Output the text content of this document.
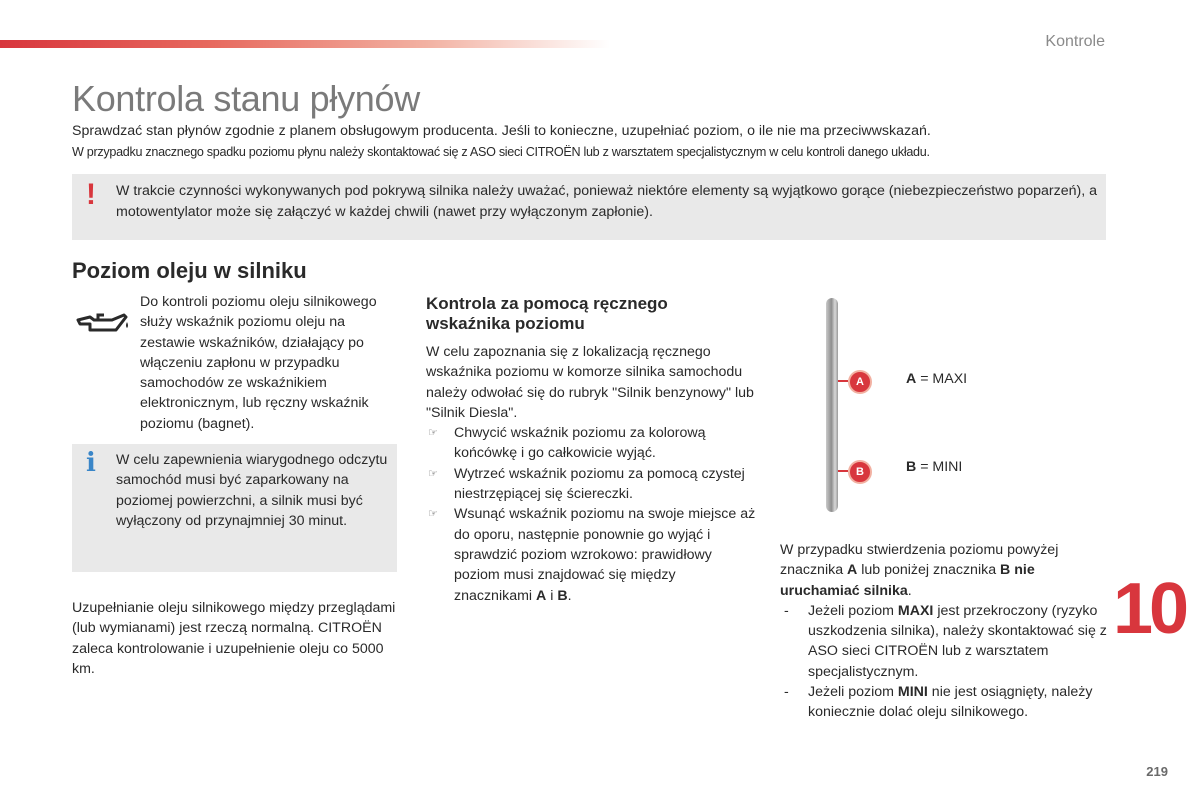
Kontrole
Kontrola stanu płynów
Sprawdzać stan płynów zgodnie z planem obsługowym producenta. Jeśli to konieczne, uzupełniać poziom, o ile nie ma przeciwwskazań.
W przypadku znacznego spadku poziomu płynu należy skontaktować się z ASO sieci CITROËN lub z warsztatem specjalistycznym w celu kontroli danego układu.
! W trakcie czynności wykonywanych pod pokrywą silnika należy uważać, ponieważ niektóre elementy są wyjątkowo gorące (niebezpieczeństwo poparzeń), a motowentylator może się załączyć w każdej chwili (nawet przy wyłączonym zapłonie).
Poziom oleju w silniku
Do kontroli poziomu oleju silnikowego służy wskaźnik poziomu oleju na zestawie wskaźników, działający po włączeniu zapłonu w przypadku samochodów ze wskaźnikiem elektronicznym, lub ręczny wskaźnik poziomu (bagnet).
i W celu zapewnienia wiarygodnego odczytu samochód musi być zaparkowany na poziomej powierzchni, a silnik musi być wyłączony od przynajmniej 30 minut.
Uzupełnianie oleju silnikowego między przeglądami (lub wymianami) jest rzeczą normalną. CITROËN zaleca kontrolowanie i uzupełnienie oleju co 5000 km.
Kontrola za pomocą ręcznego wskaźnika poziomu
W celu zapoznania się z lokalizacją ręcznego wskaźnika poziomu w komorze silnika samochodu należy odwołać się do rubryk "Silnik benzynowy" lub "Silnik Diesla".
☞ Chwycić wskaźnik poziomu za kolorową końcówkę i go całkowicie wyjąć.
☞ Wytrzeć wskaźnik poziomu za pomocą czystej niestrzępiącej się ściereczki.
☞ Wsunąć wskaźnik poziomu na swoje miejsce aż do oporu, następnie ponownie go wyjąć i sprawdzić poziom wzrokowo: prawidłowy poziom musi znajdować się między znacznikami A i B.
A
B
A = MAXI
B = MINI
W przypadku stwierdzenia poziomu powyżej znacznika A lub poniżej znacznika B nie uruchamiać silnika.
- Jeżeli poziom MAXI jest przekroczony (ryzyko uszkodzenia silnika), należy skontaktować się z ASO sieci CITROËN lub z warsztatem specjalistycznym.
- Jeżeli poziom MINI nie jest osiągnięty, należy koniecznie dolać oleju silnikowego.
10
219
